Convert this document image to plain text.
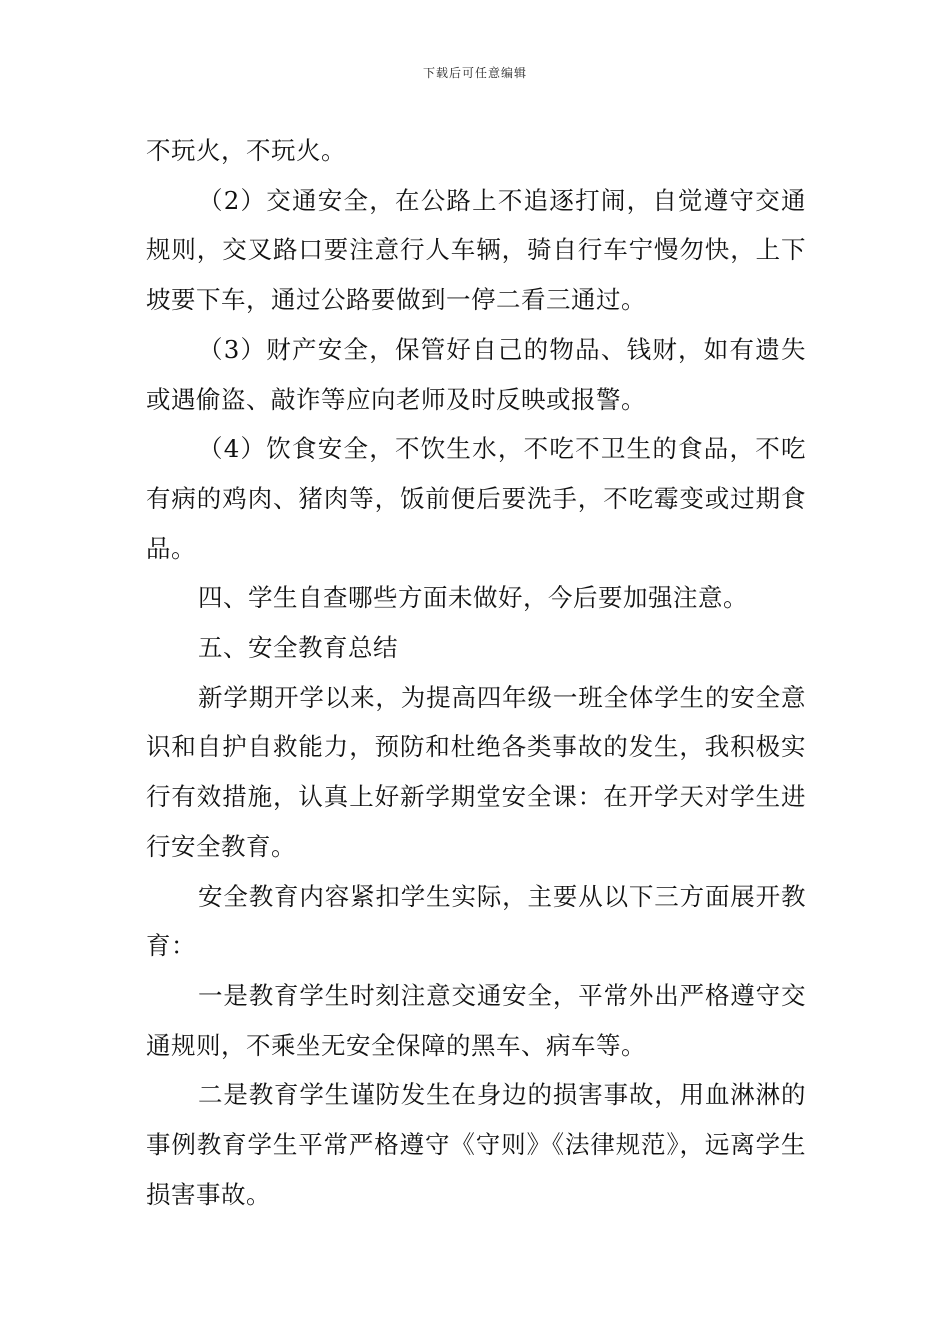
下载后可任意编辑

不玩火，不玩火。

（2）交通安全，在公路上不追逐打闹，自觉遵守交通规则，交叉路口要注意行人车辆，骑自行车宁慢勿快，上下坡要下车，通过公路要做到一停二看三通过。

（3）财产安全，保管好自己的物品、钱财，如有遗失或遇偷盗、敲诈等应向老师及时反映或报警。

（4）饮食安全，不饮生水，不吃不卫生的食品，不吃有病的鸡肉、猪肉等，饭前便后要洗手，不吃霉变或过期食品。

四、学生自查哪些方面未做好，今后要加强注意。

五、安全教育总结

新学期开学以来，为提高四年级一班全体学生的安全意识和自护自救能力，预防和杜绝各类事故的发生，我积极实行有效措施，认真上好新学期堂安全课：在开学天对学生进行安全教育。

安全教育内容紧扣学生实际，主要从以下三方面展开教育：

一是教育学生时刻注意交通安全，平常外出严格遵守交通规则，不乘坐无安全保障的黑车、病车等。

二是教育学生谨防发生在身边的损害事故，用血淋淋的事例教育学生平常严格遵守《守则》《法律规范》，远离学生损害事故。
